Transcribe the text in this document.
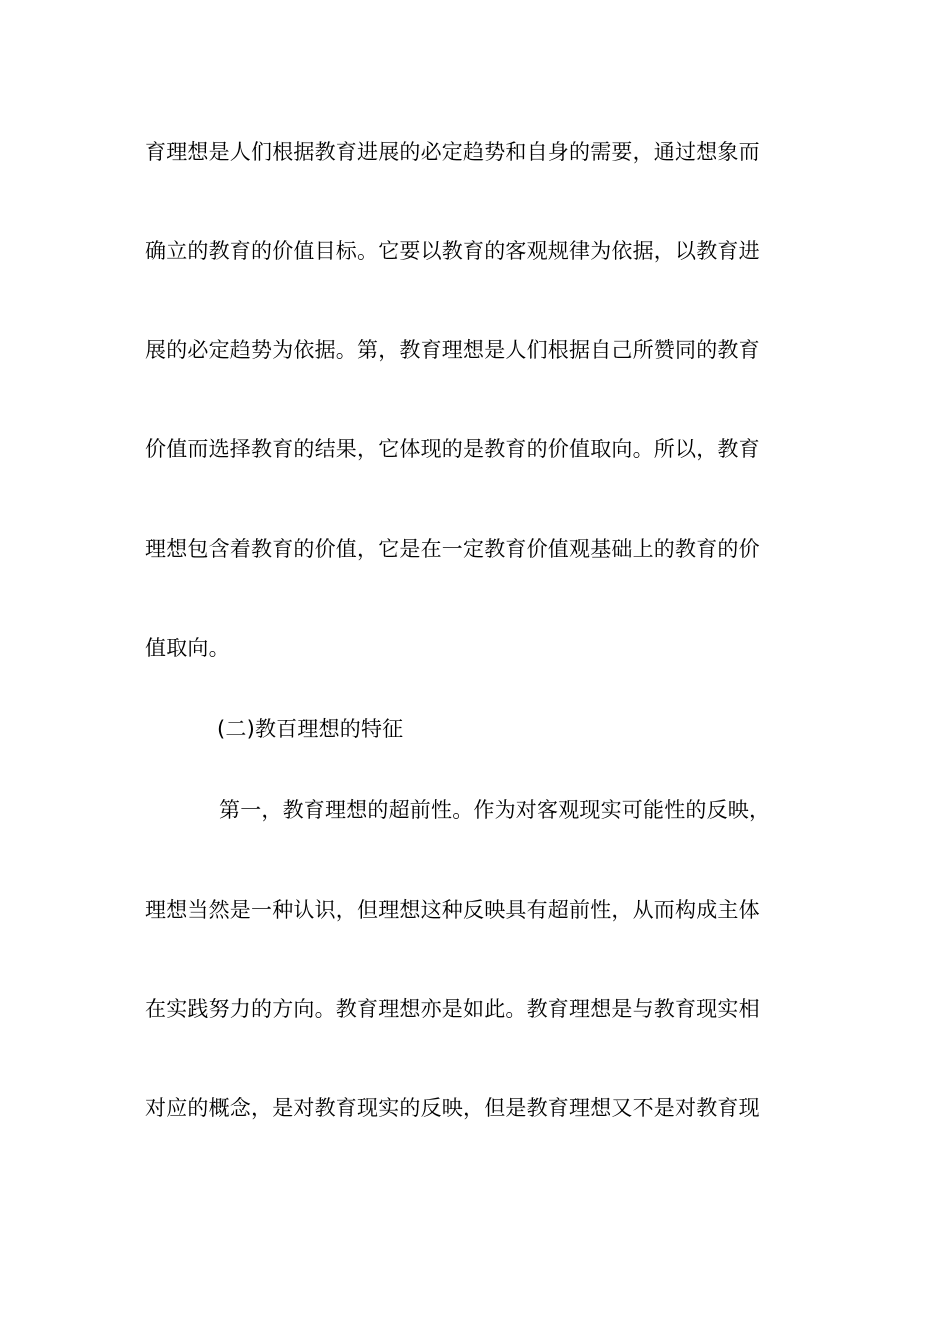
育理想是人们根据教育进展的必定趋势和自身的需要，通过想象而
确立的教育的价值目标。它要以教育的客观规律为依据，以教育进
展的必定趋势为依据。第，教育理想是人们根据自己所赞同的教育
价值而选择教育的结果，它体现的是教育的价值取向。所以，教育
理想包含着教育的价值，它是在一定教育价值观基础上的教育的价
值取向。
(二)教百理想的特征
第一，教育理想的超前性。作为对客观现实可能性的反映，
理想当然是一种认识，但理想这种反映具有超前性，从而构成主体
在实践努力的方向。教育理想亦是如此。教育理想是与教育现实相
对应的概念，是对教育现实的反映，但是教育理想又不是对教育现
